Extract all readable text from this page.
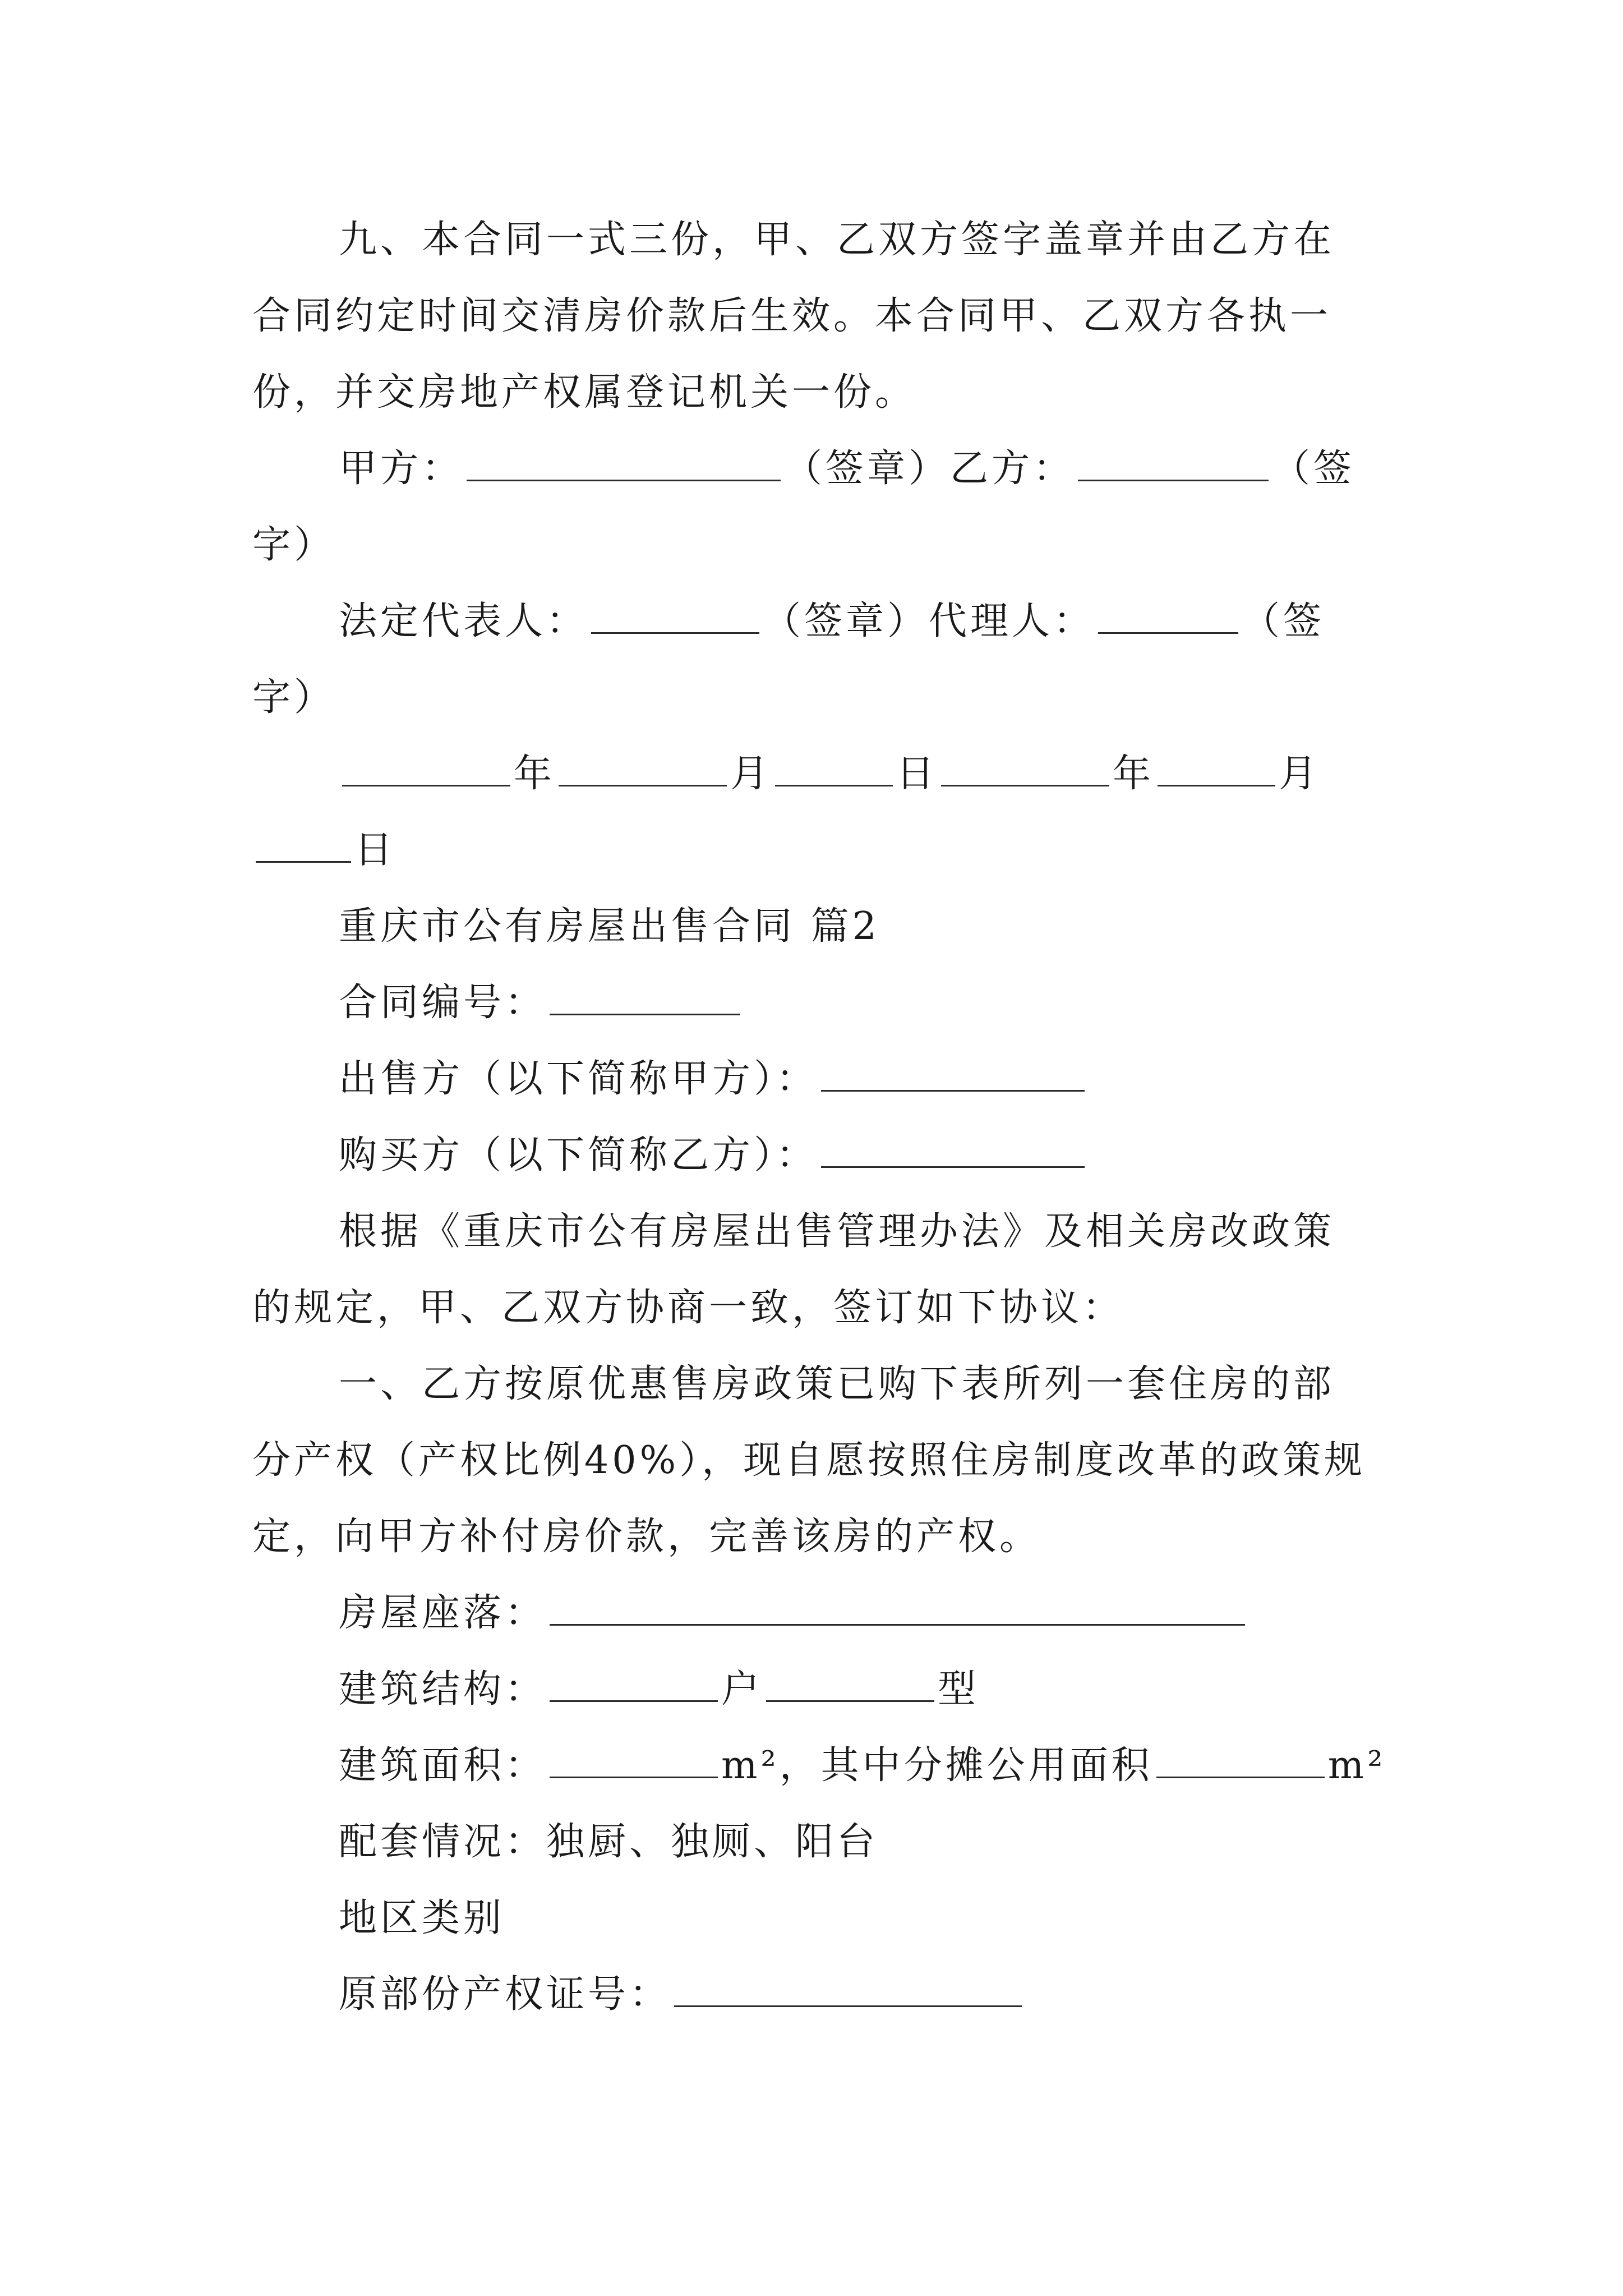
九、本合同一式三份，甲、乙双方签字盖章并由乙方在合同约定时间交清房价款后生效。本合同甲、乙双方各执一份，并交房地产权属登记机关一份。

甲方：	（签章）乙方：	（签字）

法定代表人：	（签章）代理人：	（签字）

年	月	日	年	月日

重庆市公有房屋出售合同 篇2

合同编号：

出售方（以下简称甲方）：

购买方（以下简称乙方）：

根据《重庆市公有房屋出售管理办法》及相关房改政策的规定，甲、乙双方协商一致，签订如下协议：

一、乙方按原优惠售房政策已购下表所列一套住房的部分产权（产权比例40%），现自愿按照住房制度改革的政策规定，向甲方补付房价款，完善该房的产权。

房屋座落：

建筑结构：	户	型

建筑面积：	m²，其中分摊公用面积	m²

配套情况：独厨、独厕、阳台

地区类别

原部份产权证号：
